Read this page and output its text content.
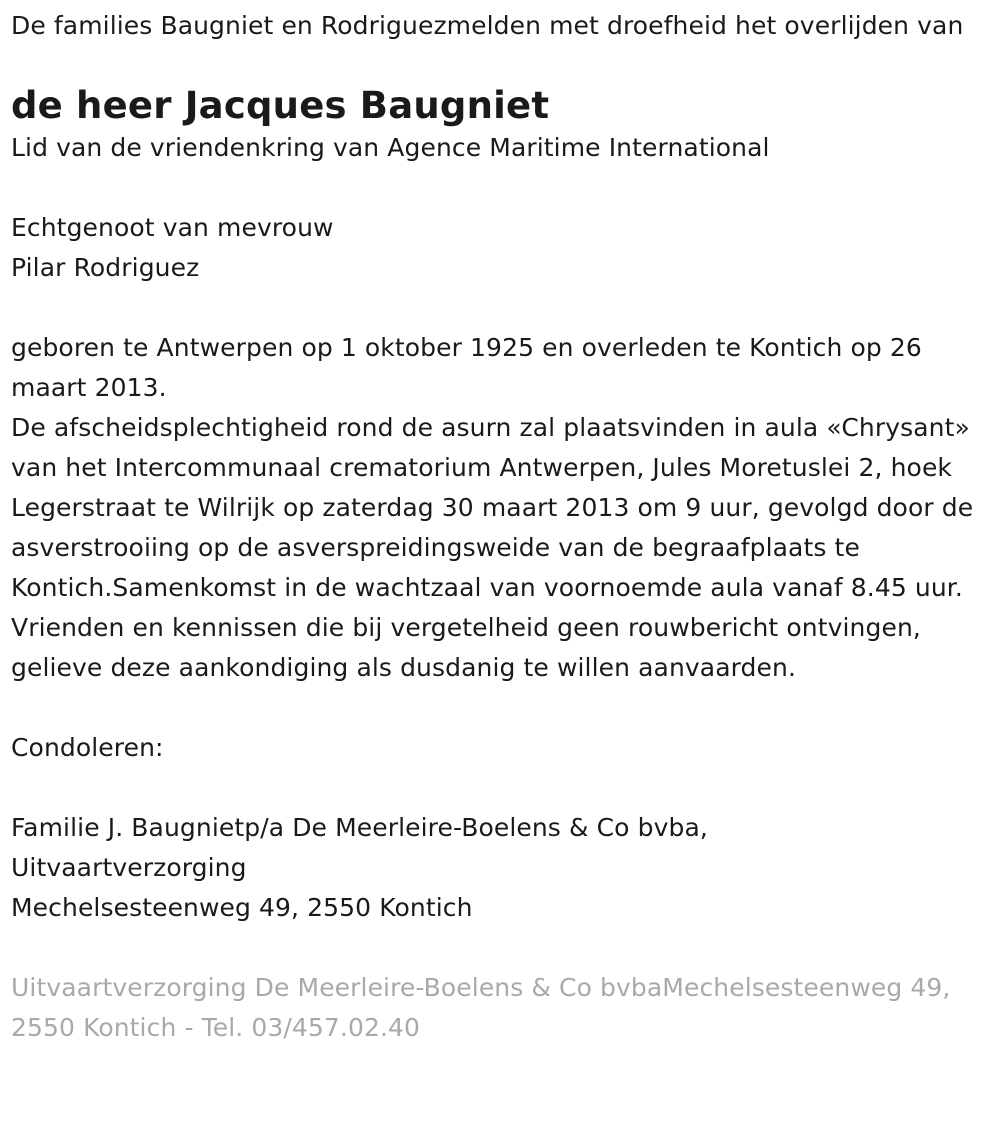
De families Baugniet en Rodriguezmelden met droefheid het overlijden van

de heer Jacques Baugniet

Lid van de vriendenkring van Agence Maritime International

Echtgenoot van mevrouw

Pilar Rodriguez

geboren te Antwerpen op 1 oktober 1925 en overleden te Kontich op 26 maart 2013.

De afscheidsplechtigheid rond de asurn zal plaatsvinden in aula «Chrysant» van het Intercommunaal crematorium Antwerpen, Jules Moretuslei 2, hoek Legerstraat te Wilrijk op zaterdag 30 maart 2013 om 9 uur, gevolgd door de asverstrooiing op de asverspreidingsweide van de begraafplaats te Kontich.Samenkomst in de wachtzaal van voornoemde aula vanaf 8.45 uur.

Vrienden en kennissen die bij vergetelheid geen rouwbericht ontvingen, gelieve deze aankondiging als dusdanig te willen aanvaarden.

Condoleren:

Familie J. Baugnietp/a De Meerleire-Boelens & Co bvba,

Uitvaartverzorging

Mechelsesteenweg 49, 2550 Kontich

Uitvaartverzorging De Meerleire-Boelens & Co bvbaMechelsesteenweg 49, 2550 Kontich - Tel. 03/457.02.40
